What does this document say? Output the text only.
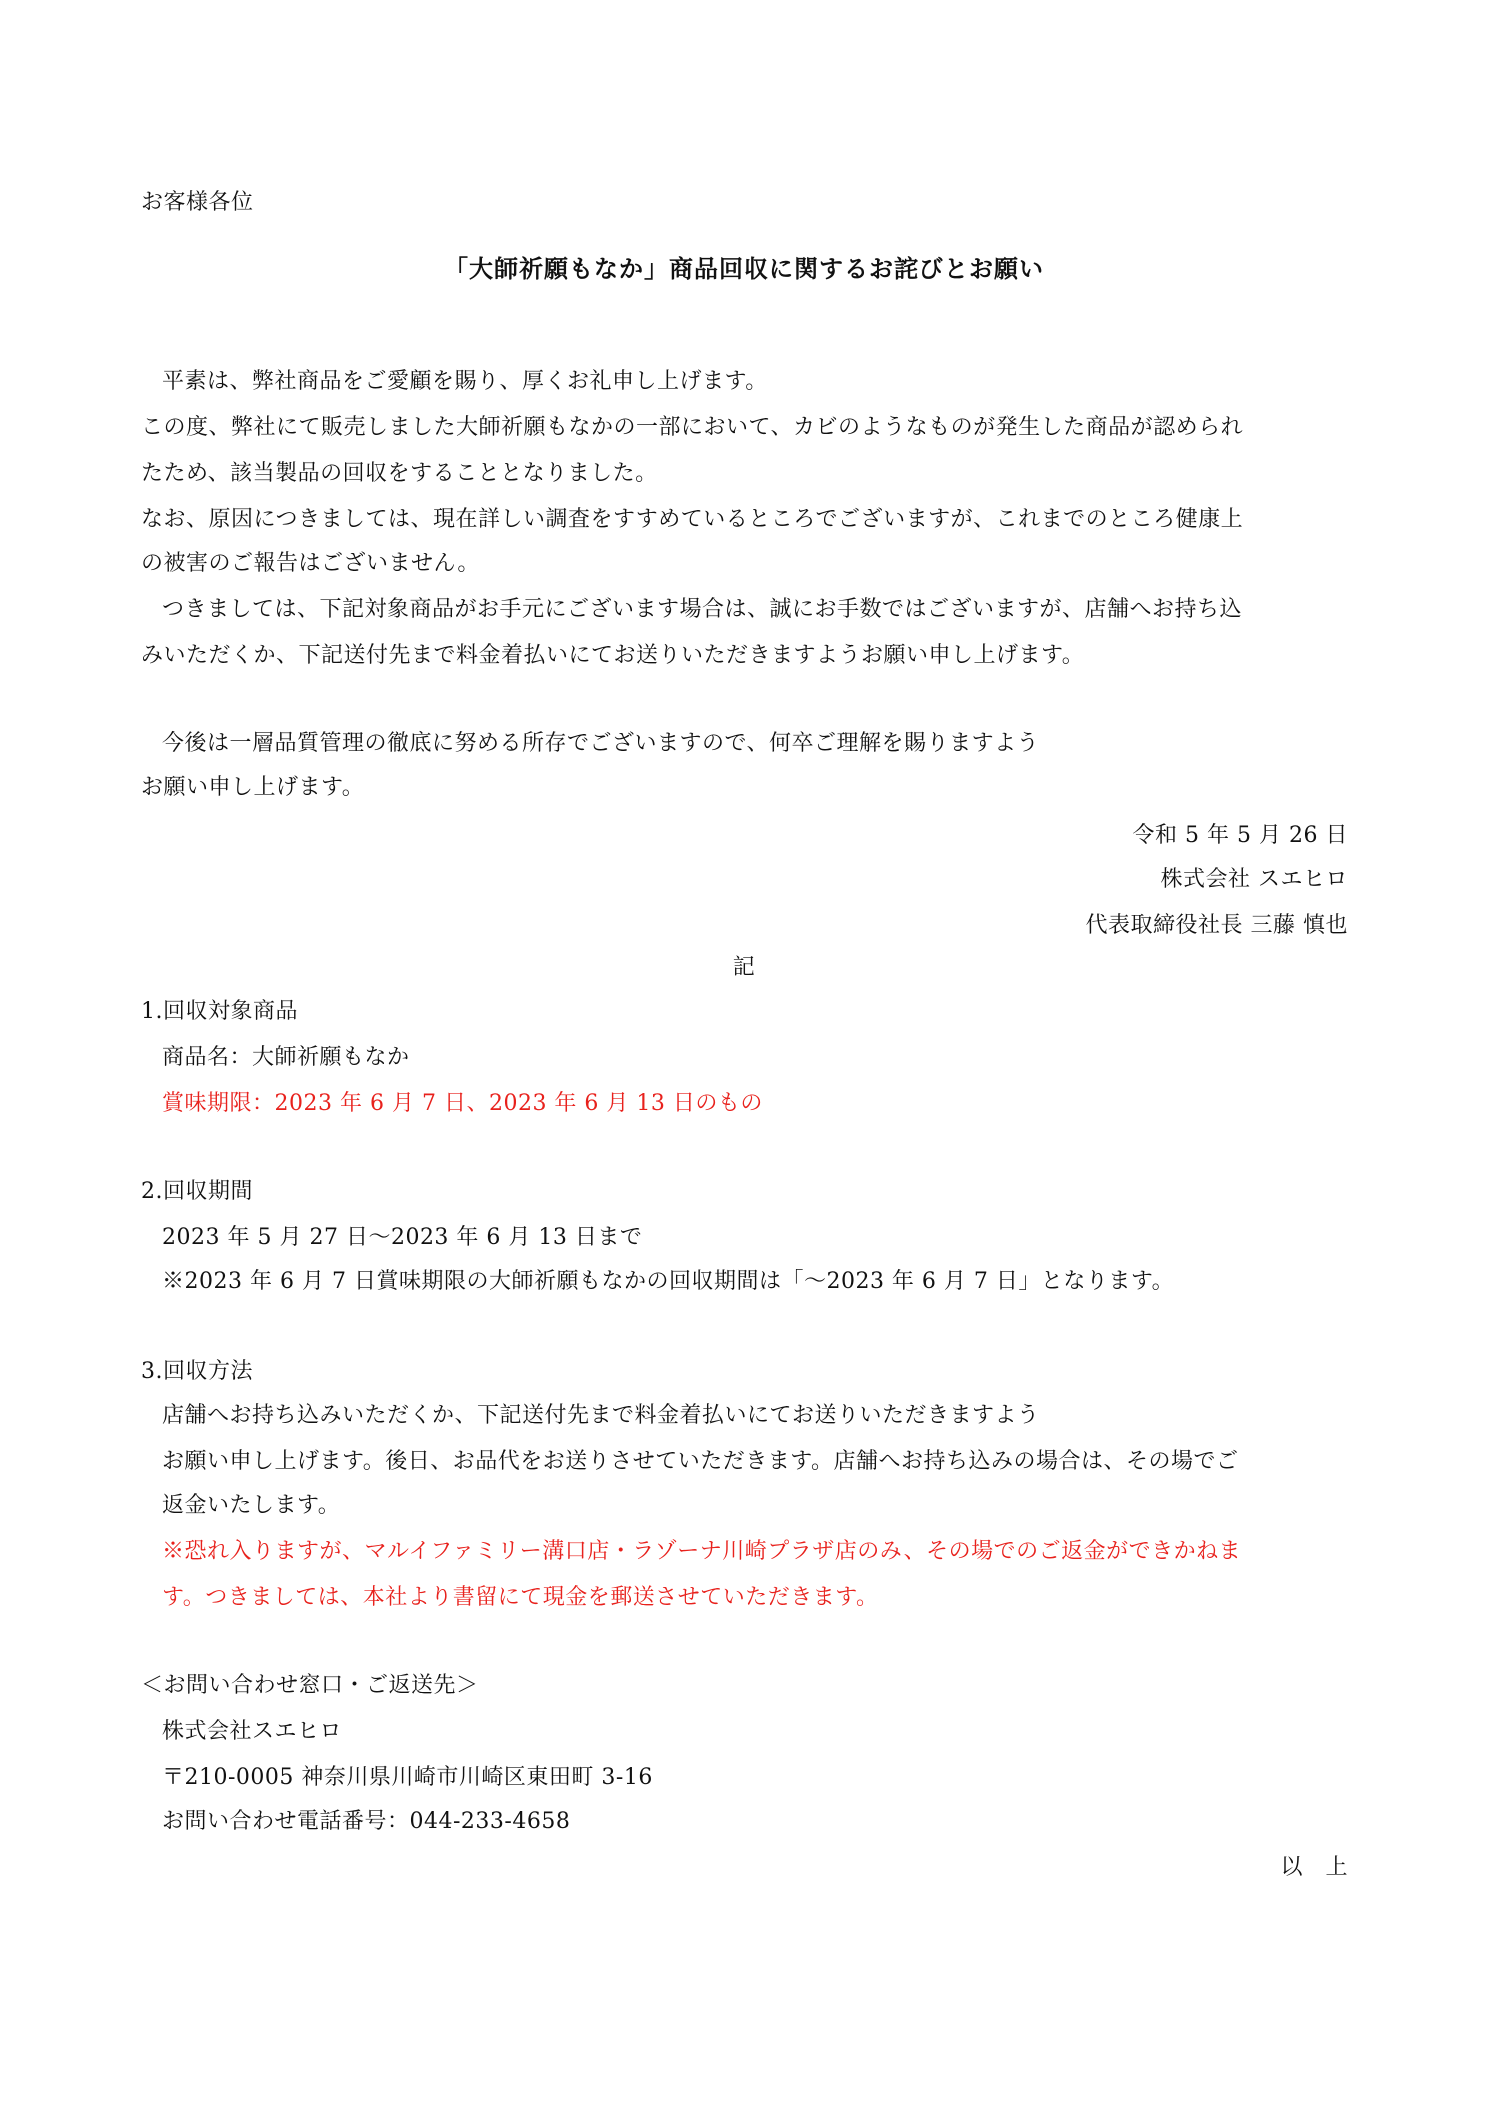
お客様各位
「大師祈願もなか」商品回収に関するお詫びとお願い
平素は、弊社商品をご愛顧を賜り、厚くお礼申し上げます。
この度、弊社にて販売しました大師祈願もなかの一部において、カビのようなものが発生した商品が認められ
たため、該当製品の回収をすることとなりました。
なお、原因につきましては、現在詳しい調査をすすめているところでございますが、これまでのところ健康上
の被害のご報告はございません。
つきましては、下記対象商品がお手元にございます場合は、誠にお手数ではございますが、店舗へお持ち込
みいただくか、下記送付先まで料金着払いにてお送りいただきますようお願い申し上げます。
今後は一層品質管理の徹底に努める所存でございますので、何卒ご理解を賜りますよう
お願い申し上げます。
令和 5 年 5 月 26 日
株式会社 スエヒロ
代表取締役社長 三藤 慎也
記
1.回収対象商品
商品名：大師祈願もなか
賞味期限：2023 年 6 月 7 日、2023 年 6 月 13 日のもの
2.回収期間
2023 年 5 月 27 日～2023 年 6 月 13 日まで
※2023 年 6 月 7 日賞味期限の大師祈願もなかの回収期間は「～2023 年 6 月 7 日」となります。
3.回収方法
店舗へお持ち込みいただくか、下記送付先まで料金着払いにてお送りいただきますよう
お願い申し上げます。後日、お品代をお送りさせていただきます。店舗へお持ち込みの場合は、その場でご
返金いたします。
※恐れ入りますが、マルイファミリー溝口店・ラゾーナ川崎プラザ店のみ、その場でのご返金ができかねま
す。つきましては、本社より書留にて現金を郵送させていただきます。
＜お問い合わせ窓口・ご返送先＞
株式会社スエヒロ
〒210-0005 神奈川県川崎市川崎区東田町 3-16
お問い合わせ電話番号：044-233-4658
以　上
